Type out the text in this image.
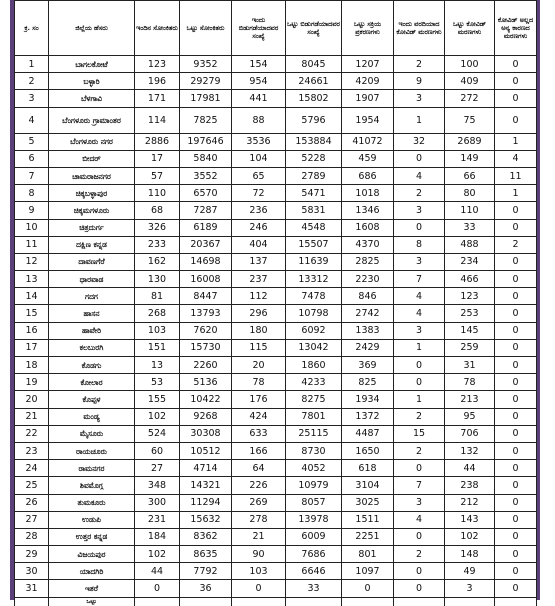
ಕ್ರ. ಸಂ	ಜಿಲ್ಲೆಯ ಹೆಸರು	ಇಂದಿನ ಸೋಂಕಿತರು	ಒಟ್ಟು ಸೋಂಕಿತರು	ಇಂದು ಬಿಡುಗಡೆಯಾದವರ ಸಂಖ್ಯೆ	ಒಟ್ಟು ಬಿಡುಗಡೆಯಾದವರ ಸಂಖ್ಯೆ	ಒಟ್ಟು ಸಕ್ರಿಯ ಪ್ರಕರಣಗಳು	ಇಂದು ವರದಿಯಾದ ಕೋವಿಡ್ ಮರಣಗಳು	ಒಟ್ಟು ಕೋವಿಡ್ ಮರಣಗಳು	ಕೋವಿಡ್ ಅಲ್ಲದ ಅನ್ಯ ಕಾರಣದ ಮರಣಗಳು
1	ಬಾಗಲಕೋಟೆ	123	9352	154	8045	1207	2	100	0
2	ಬಳ್ಳಾರಿ	196	29279	954	24661	4209	9	409	0
3	ಬೆಳಗಾವಿ	171	17981	441	15802	1907	3	272	0
4	ಬೆಂಗಳೂರು ಗ್ರಾಮಾಂತರ	114	7825	88	5796	1954	1	75	0
5	ಬೆಂಗಳೂರು ನಗರ	2886	197646	3536	153884	41072	32	2689	1
6	ಬೀದರ್	17	5840	104	5228	459	0	149	4
7	ಚಾಮರಾಜನಗರ	57	3552	65	2789	686	4	66	11
8	ಚಿಕ್ಕಬಳ್ಳಾಪುರ	110	6570	72	5471	1018	2	80	1
9	ಚಿಕ್ಕಮಗಳೂರು	68	7287	236	5831	1346	3	110	0
10	ಚಿತ್ರದುರ್ಗ	326	6189	246	4548	1608	0	33	0
11	ದಕ್ಷಿಣ ಕನ್ನಡ	233	20367	404	15507	4370	8	488	2
12	ದಾವಣಗೆರೆ	162	14698	137	11639	2825	3	234	0
13	ಧಾರವಾಡ	130	16008	237	13312	2230	7	466	0
14	ಗದಗ	81	8447	112	7478	846	4	123	0
15	ಹಾಸನ	268	13793	296	10798	2742	4	253	0
16	ಹಾವೇರಿ	103	7620	180	6092	1383	3	145	0
17	ಕಲಬುರಗಿ	151	15730	115	13042	2429	1	259	0
18	ಕೊಡಗು	13	2260	20	1860	369	0	31	0
19	ಕೋಲಾರ	53	5136	78	4233	825	0	78	0
20	ಕೊಪ್ಪಳ	155	10422	176	8275	1934	1	213	0
21	ಮಂಡ್ಯ	102	9268	424	7801	1372	2	95	0
22	ಮೈಸೂರು	524	30308	633	25115	4487	15	706	0
23	ರಾಯಚೂರು	60	10512	166	8730	1650	2	132	0
24	ರಾಮನಗರ	27	4714	64	4052	618	0	44	0
25	ಶಿವಮೊಗ್ಗ	348	14321	226	10979	3104	7	238	0
26	ತುಮಕೂರು	300	11294	269	8057	3025	3	212	0
27	ಉಡುಪಿ	231	15632	278	13978	1511	4	143	0
28	ಉತ್ತರ ಕನ್ನಡ	184	8362	21	6009	2251	0	102	0
29	ವಿಜಯಪುರ	102	8635	90	7686	801	2	148	0
30	ಯಾದಗಿರಿ	44	7792	103	6646	1097	0	49	0
31	ಇತರೆ	0	36	0	33	0	0	3	0
	ಒಟ್ಟು								
